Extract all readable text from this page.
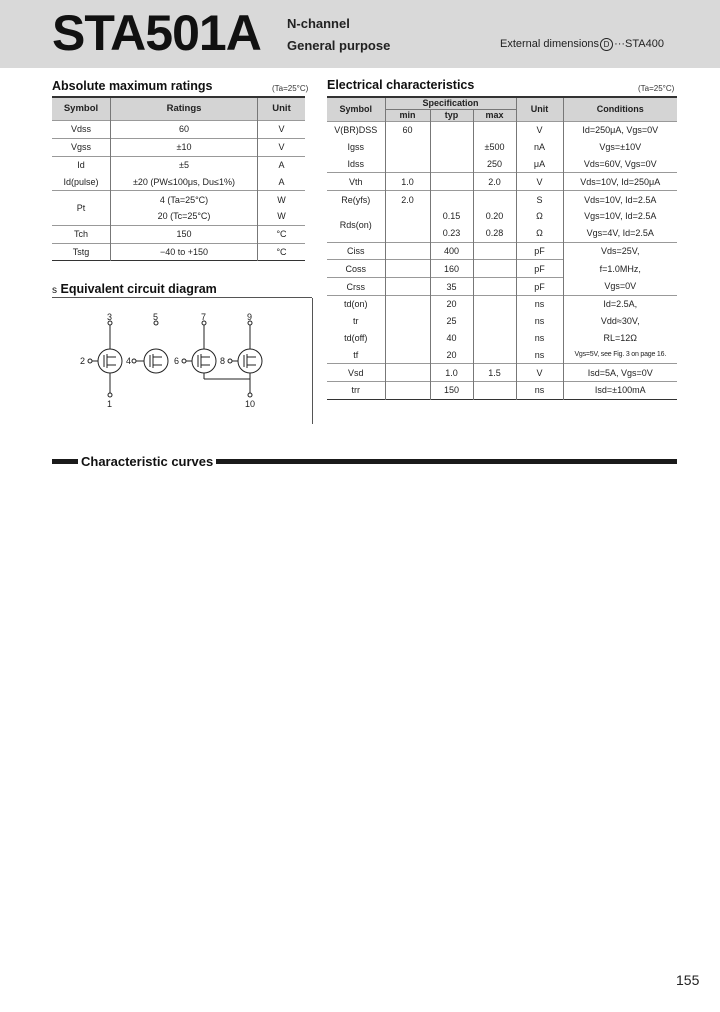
STA501A N-channel
General purpose	External dimensions D ···STA400
Absolute maximum ratings	(Ta=25°C)
Symbol	Ratings	Unit
Vdss	60	V
Vgss	±10	V
Id	±5	A
Id(pulse)	±20 (PW≤100μs, Du≤1%)	A
Pt	4 (Ta=25°C)	W
	20 (Tc=25°C)	W
Tch	150	°C
Tstg	−40 to +150	°C
Electrical characteristics	(Ta=25°C)
Symbol	Specification			Unit	Conditions
	min	typ	max		
V(BR)DSS	60			V	Id=250μA, Vgs=0V
Igss			±500	nA	Vgs=±10V
Idss			250	μA	Vds=60V, Vgs=0V
Vth	1.0		2.0	V	Vds=10V, Id=250μA
Re(yfs)	2.0			S	Vds=10V, Id=2.5A
Rds(on)		0.15	0.20	Ω	Vgs=10V, Id=2.5A
		0.23	0.28	Ω	Vgs=4V, Id=2.5A
Ciss		400		pF	Vds=25V,
Coss		160		pF	f=1.0MHz,
Crss		35		pF	Vgs=0V
td(on)		20		ns	Id=2.5A,
tr		25		ns	Vdd≈30V,
td(off)		40		ns	RL=12Ω
tf		20		ns	Vgs=5V, see Fig. 3 on page 16.
Vsd		1.0	1.5	V	Isd=5A, Vgs=0V
trr		150		ns	Isd=±100mA
s Equivalent circuit diagram
3	5	7	9
2	4	6	8
1	10
Characteristic curves
155
